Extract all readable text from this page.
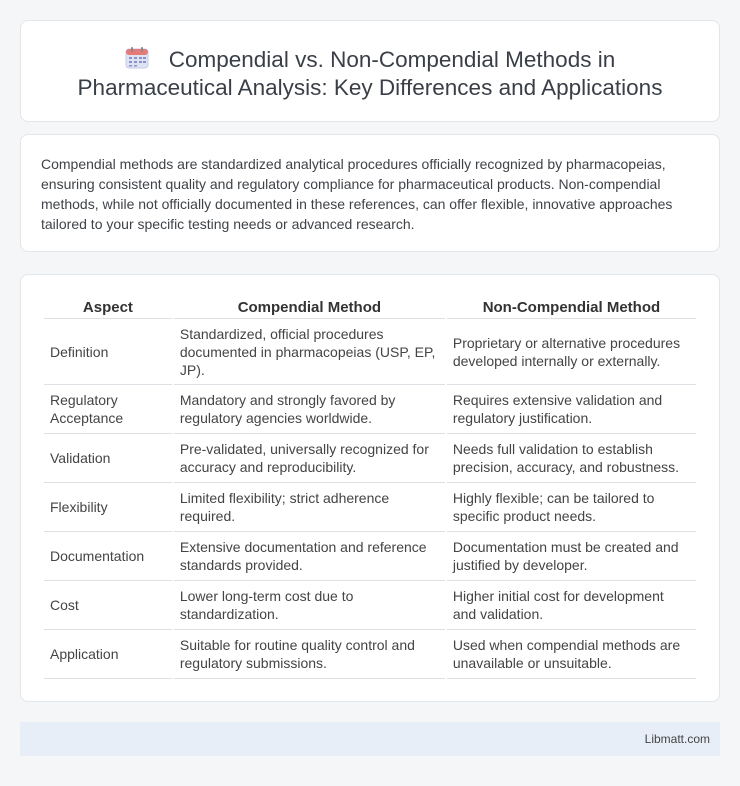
Compendial vs. Non-Compendial Methods in
Pharmaceutical Analysis: Key Differences and Applications

Compendial methods are standardized analytical procedures officially recognized by pharmacopeias, ensuring consistent quality and regulatory compliance for pharmaceutical products. Non-compendial methods, while not officially documented in these references, can offer flexible, innovative approaches tailored to your specific testing needs or advanced research.

Aspect	Compendial Method	Non-Compendial Method
Definition	Standardized, official procedures documented in pharmacopeias (USP, EP, JP).	Proprietary or alternative procedures developed internally or externally.
Regulatory Acceptance	Mandatory and strongly favored by regulatory agencies worldwide.	Requires extensive validation and regulatory justification.
Validation	Pre-validated, universally recognized for accuracy and reproducibility.	Needs full validation to establish precision, accuracy, and robustness.
Flexibility	Limited flexibility; strict adherence required.	Highly flexible; can be tailored to specific product needs.
Documentation	Extensive documentation and reference standards provided.	Documentation must be created and justified by developer.
Cost	Lower long-term cost due to standardization.	Higher initial cost for development and validation.
Application	Suitable for routine quality control and regulatory submissions.	Used when compendial methods are unavailable or unsuitable.
Libmatt.com
